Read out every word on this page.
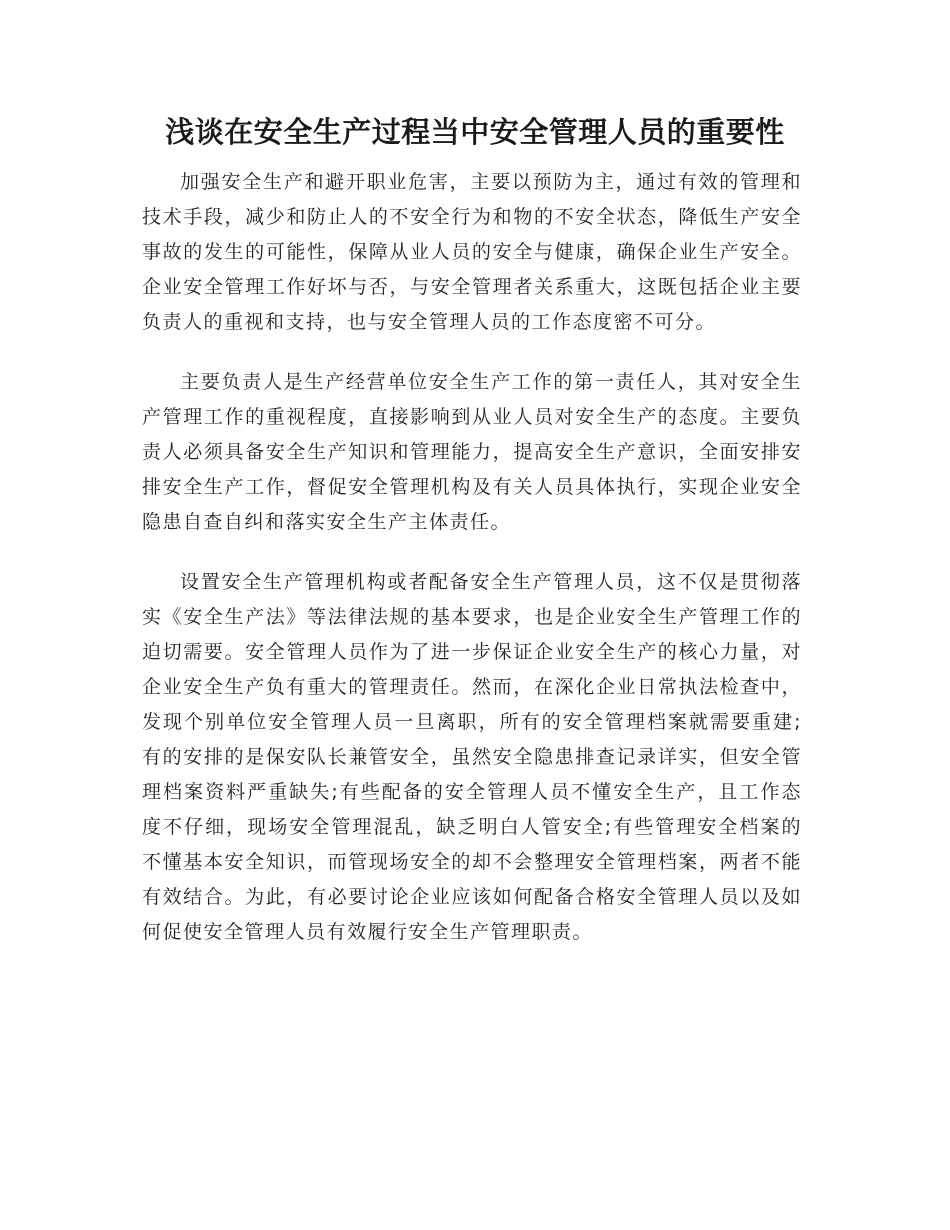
浅谈在安全生产过程当中安全管理人员的重要性

加强安全生产和避开职业危害，主要以预防为主，通过有效的管理和技术手段，减少和防止人的不安全行为和物的不安全状态，降低生产安全事故的发生的可能性，保障从业人员的安全与健康，确保企业生产安全。企业安全管理工作好坏与否，与安全管理者关系重大，这既包括企业主要负责人的重视和支持，也与安全管理人员的工作态度密不可分。

主要负责人是生产经营单位安全生产工作的第一责任人，其对安全生产管理工作的重视程度，直接影响到从业人员对安全生产的态度。主要负责人必须具备安全生产知识和管理能力，提高安全生产意识，全面安排安排安全生产工作，督促安全管理机构及有关人员具体执行，实现企业安全隐患自查自纠和落实安全生产主体责任。

设置安全生产管理机构或者配备安全生产管理人员，这不仅是贯彻落实《安全生产法》等法律法规的基本要求，也是企业安全生产管理工作的迫切需要。安全管理人员作为了进一步保证企业安全生产的核心力量，对企业安全生产负有重大的管理责任。然而，在深化企业日常执法检查中，发现个别单位安全管理人员一旦离职，所有的安全管理档案就需要重建;有的安排的是保安队长兼管安全，虽然安全隐患排查记录详实，但安全管理档案资料严重缺失;有些配备的安全管理人员不懂安全生产，且工作态度不仔细，现场安全管理混乱，缺乏明白人管安全;有些管理安全档案的不懂基本安全知识，而管现场安全的却不会整理安全管理档案，两者不能有效结合。为此，有必要讨论企业应该如何配备合格安全管理人员以及如何促使安全管理人员有效履行安全生产管理职责。
